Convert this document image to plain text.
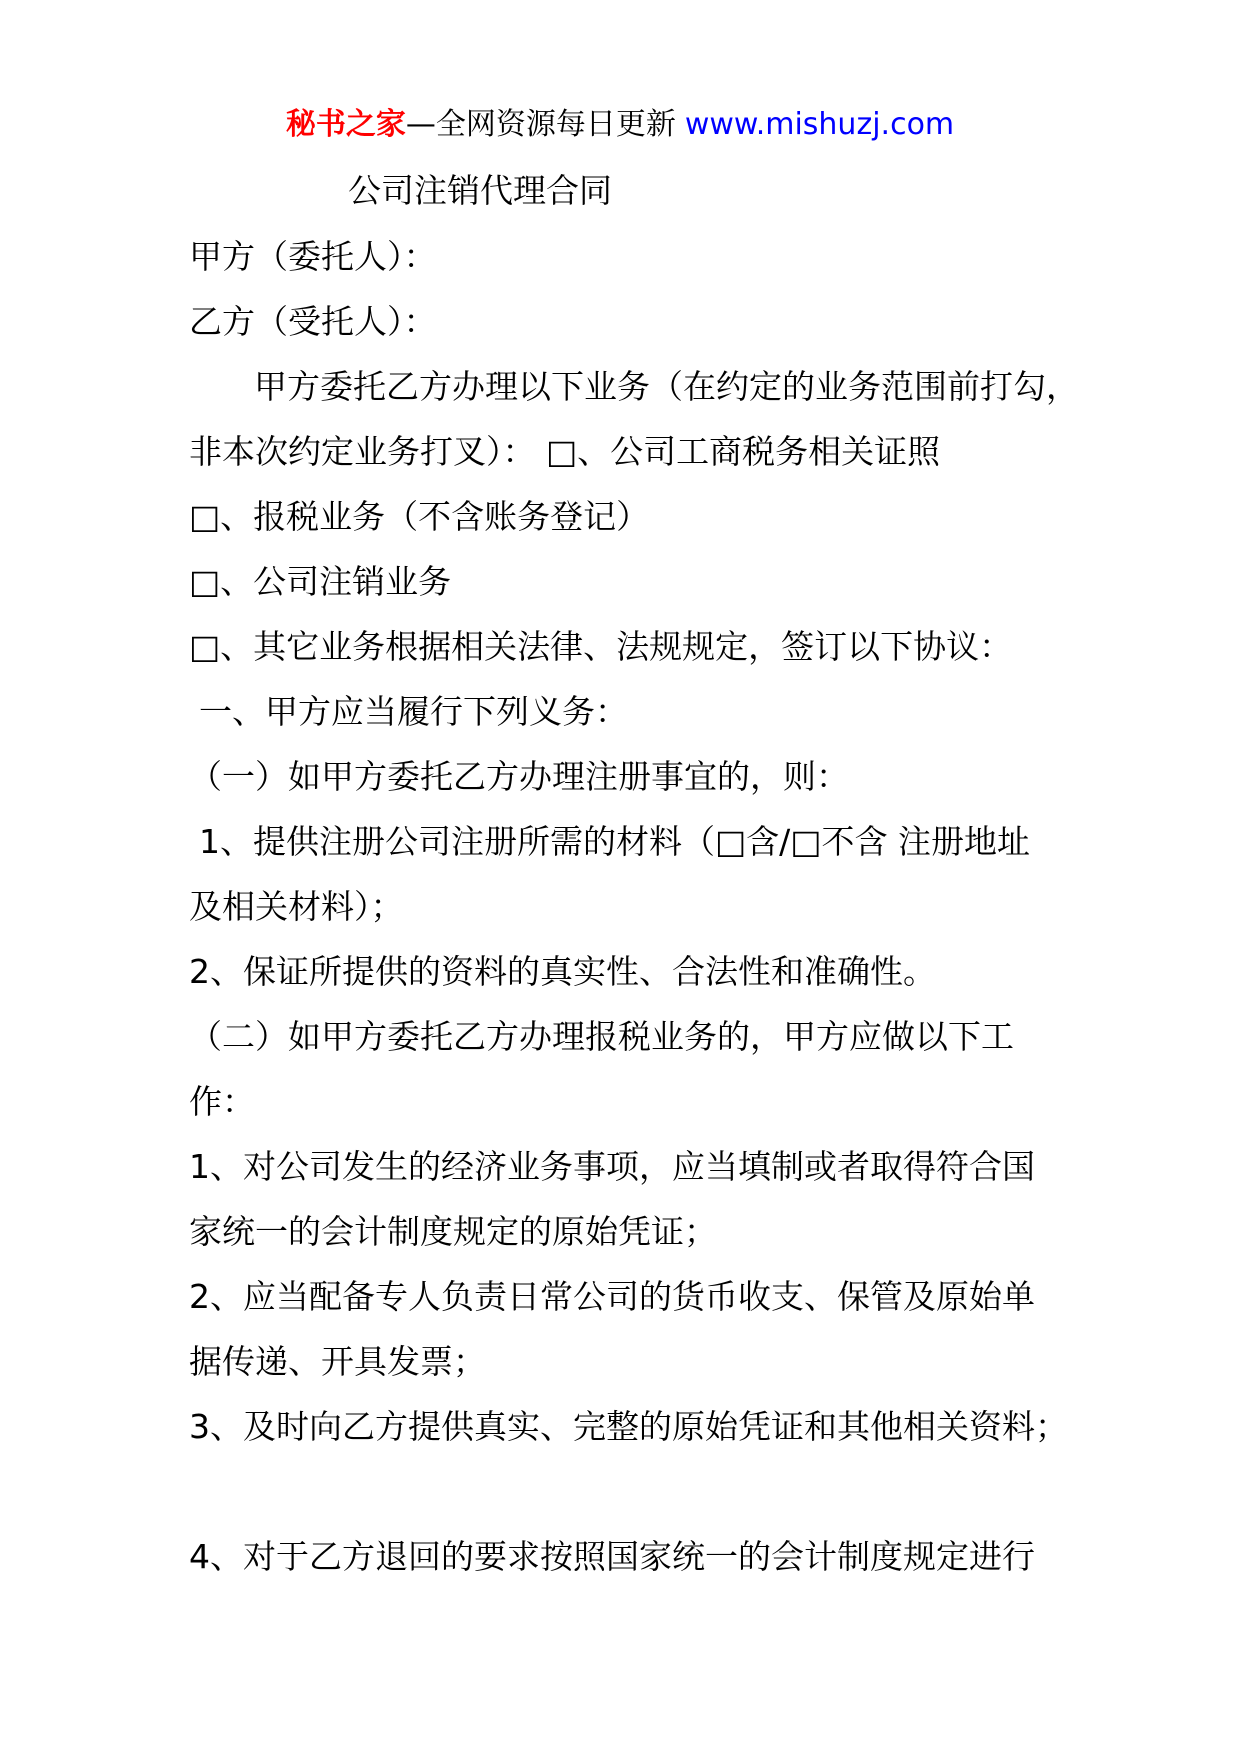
秘书之家—全网资源每日更新 www.mishuzj.com
公司注销代理合同
甲方（委托人）：
乙方（受托人）：
甲方委托乙方办理以下业务（在约定的业务范围前打勾，
非本次约定业务打叉）： □、公司工商税务相关证照
□、报税业务（不含账务登记）
□、公司注销业务
□、其它业务根据相关法律、法规规定，签订以下协议：
一、甲方应当履行下列义务：
（一）如甲方委托乙方办理注册事宜的，则：
1、提供注册公司注册所需的材料（□含/□不含 注册地址
及相关材料）；
2、保证所提供的资料的真实性、合法性和准确性。
（二）如甲方委托乙方办理报税业务的，甲方应做以下工
作：
1、对公司发生的经济业务事项，应当填制或者取得符合国
家统一的会计制度规定的原始凭证；
2、应当配备专人负责日常公司的货币收支、保管及原始单
据传递、开具发票；
3、及时向乙方提供真实、完整的原始凭证和其他相关资料；
4、对于乙方退回的要求按照国家统一的会计制度规定进行
